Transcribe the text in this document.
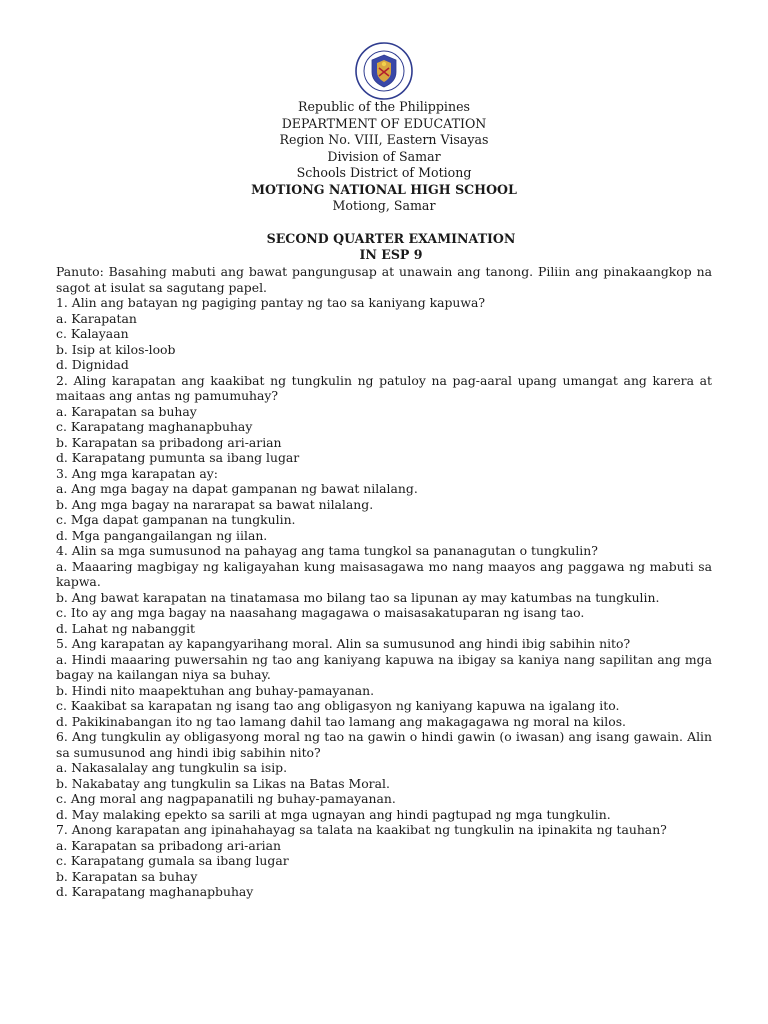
Republic of the Philippines
DEPARTMENT OF EDUCATION
Region No. VIII, Eastern Visayas
Division of Samar
Schools District of Motiong
MOTIONG NATIONAL HIGH SCHOOL
Motiong, Samar
SECOND QUARTER EXAMINATION
IN ESP 9
Panuto: Basahing mabuti ang bawat pangungusap at unawain ang tanong. Piliin ang pinakaangkop na sagot at isulat sa sagutang papel.
1. Alin ang batayan ng pagiging pantay ng tao sa kaniyang kapuwa?
a. Karapatan
c. Kalayaan
b. Isip at kilos-loob
d. Dignidad
2. Aling karapatan ang kaakibat ng tungkulin ng patuloy na pag-aaral upang umangat ang karera at maitaas ang antas ng pamumuhay?
a. Karapatan sa buhay
c. Karapatang maghanapbuhay
b. Karapatan sa pribadong ari-arian
d. Karapatang pumunta sa ibang lugar
3. Ang mga karapatan ay:
a. Ang mga bagay na dapat gampanan ng bawat nilalang.
b. Ang mga bagay na nararapat sa bawat nilalang.
c. Mga dapat gampanan na tungkulin.
d. Mga pangangailangan ng iilan.
4. Alin sa mga sumusunod na pahayag ang tama tungkol sa pananagutan o tungkulin?
a. Maaaring magbigay ng kaligayahan kung maisasagawa mo nang maayos ang paggawa ng mabuti sa kapwa.
b. Ang bawat karapatan na tinatamasa mo bilang tao sa lipunan ay may katumbas na tungkulin.
c. Ito ay ang mga bagay na naasahang magagawa o maisasakatuparan ng isang tao.
d. Lahat ng nabanggit
5. Ang karapatan ay kapangyarihang moral. Alin sa sumusunod ang hindi ibig sabihin nito?
a. Hindi maaaring puwersahin ng tao ang kaniyang kapuwa na ibigay sa kaniya nang sapilitan ang mga bagay na kailangan niya sa buhay.
b. Hindi nito maapektuhan ang buhay-pamayanan.
c. Kaakibat sa karapatan ng isang tao ang obligasyon ng kaniyang kapuwa na igalang ito.
d. Pakikinabangan ito ng tao lamang dahil tao lamang ang makagagawa ng moral na kilos.
6. Ang tungkulin ay obligasyong moral ng tao na gawin o hindi gawin (o iwasan) ang isang gawain. Alin sa sumusunod ang hindi ibig sabihin nito?
a. Nakasalalay ang tungkulin sa isip.
b. Nakabatay ang tungkulin sa Likas na Batas Moral.
c. Ang moral ang nagpapanatili ng buhay-pamayanan.
d. May malaking epekto sa sarili at mga ugnayan ang hindi pagtupad ng mga tungkulin.
7. Anong karapatan ang ipinahahayag sa talata na kaakibat ng tungkulin na ipinakita ng tauhan?
a. Karapatan sa pribadong ari-arian
c. Karapatang gumala sa ibang lugar
b. Karapatan sa buhay
d. Karapatang maghanapbuhay
